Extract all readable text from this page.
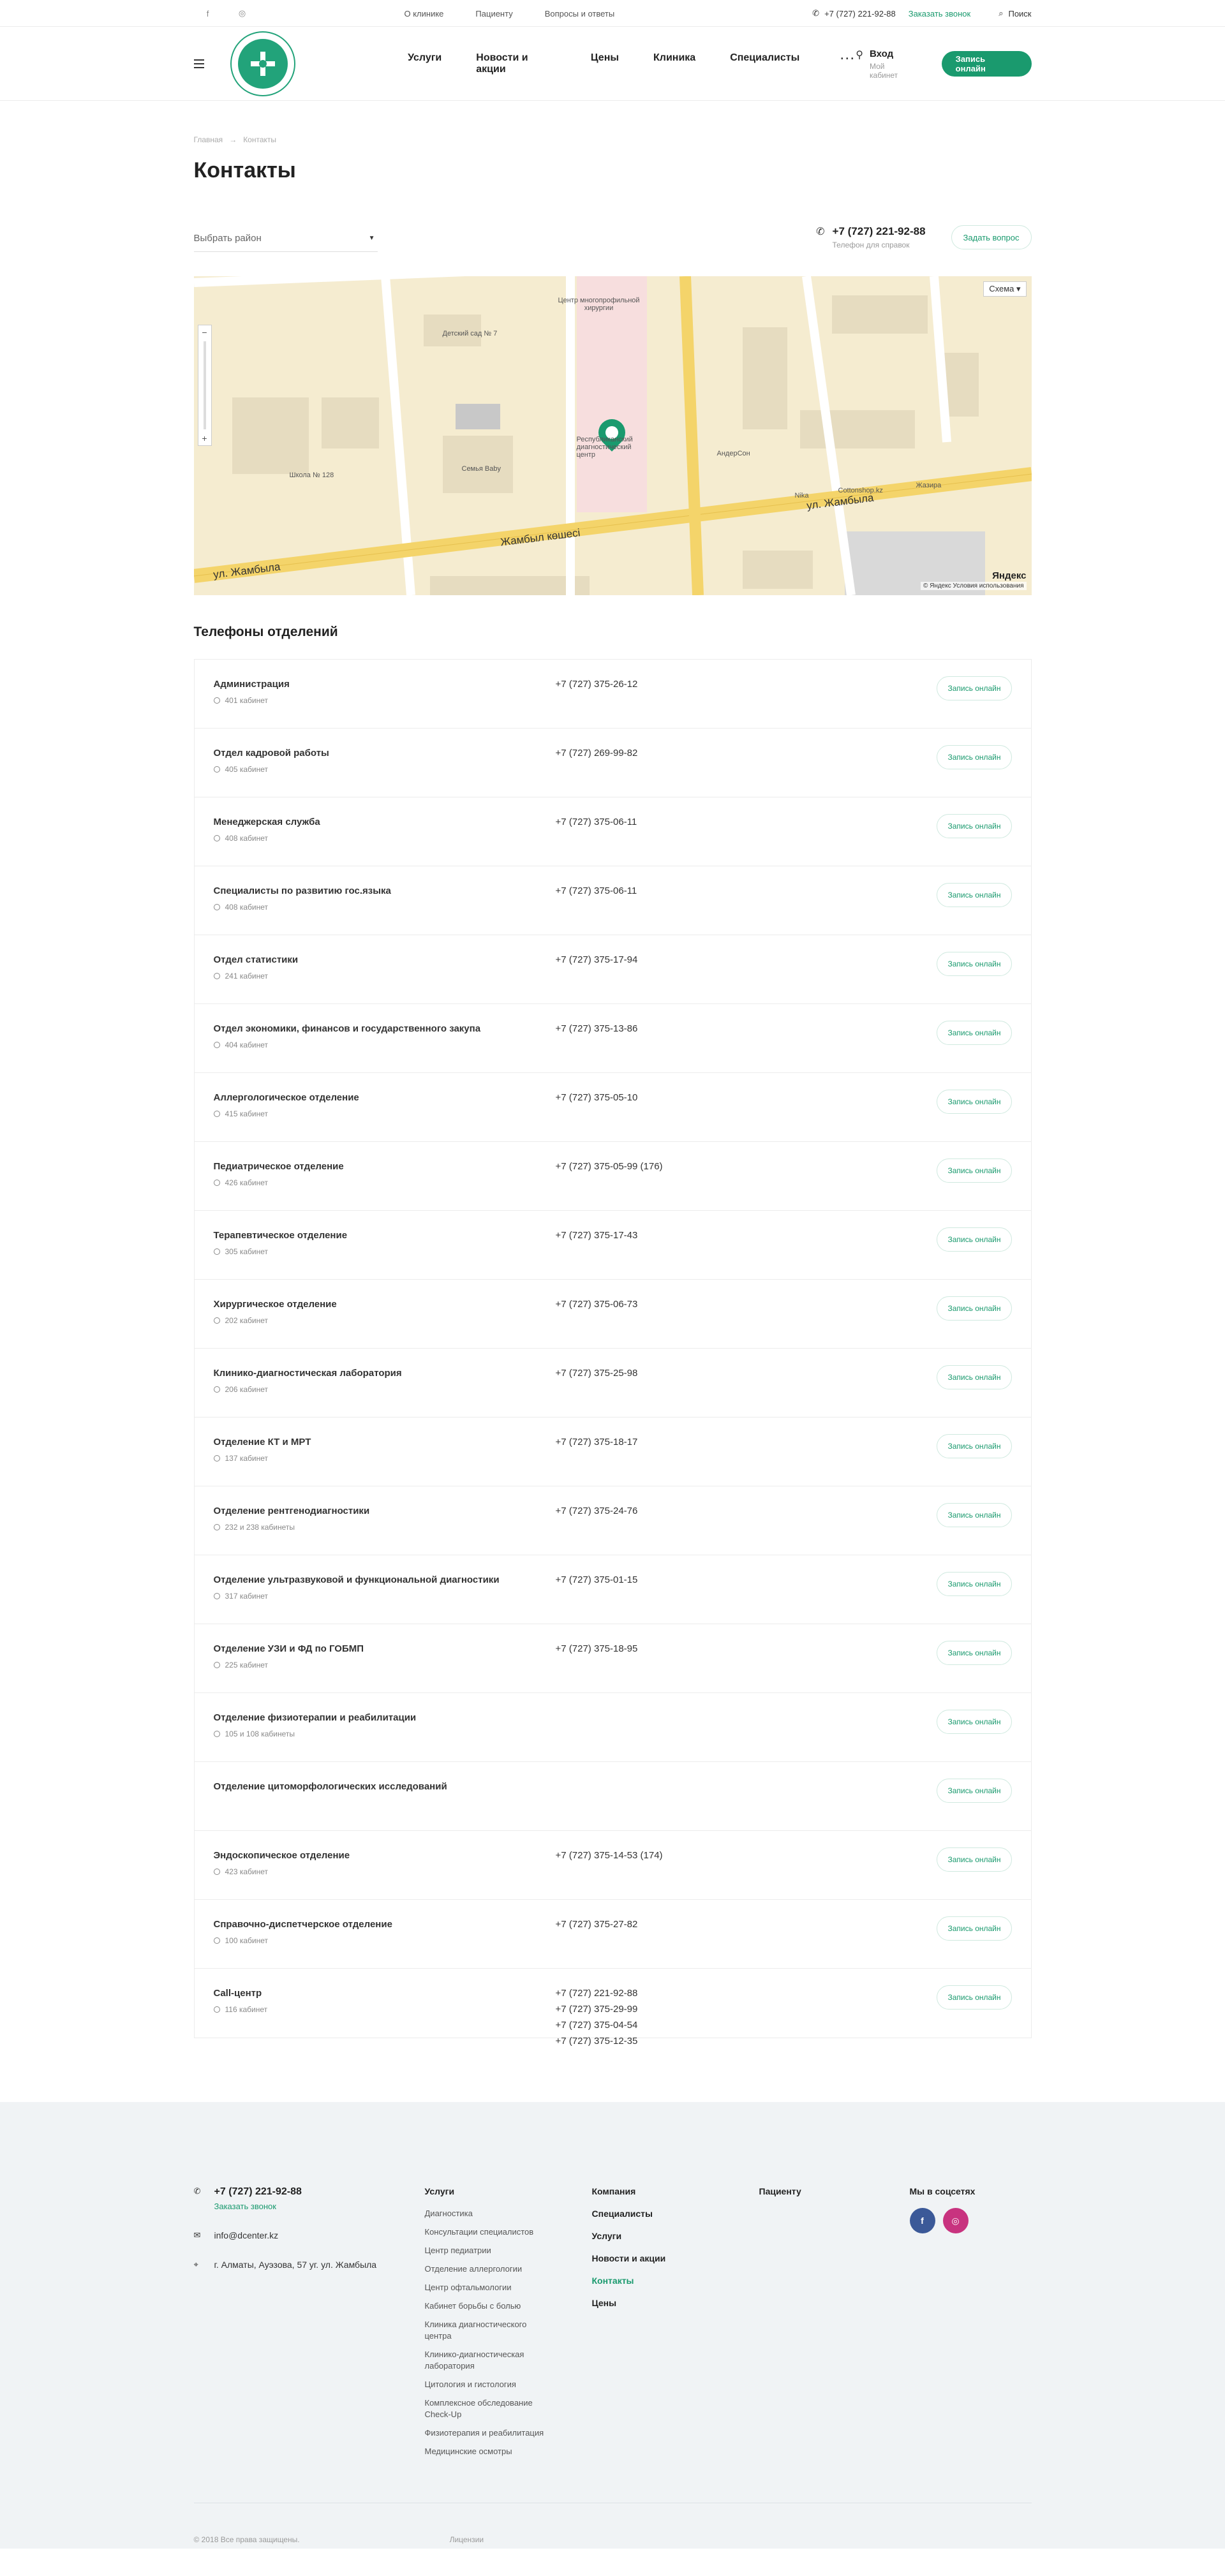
f	◎	О клинике	Пациенту	Вопросы и ответы	✆ +7 (727) 221-92-88 Заказать звонок	⌕ Поиск
Услуги	Новости и акции
Цены	Клиника	Специалисты	··· ⚲ Вход
Мой кабинет
Запись онлайн
Главная → Контакты
Контакты
Выбрать район	▼
✆ +7 (727) 221-92-88
Телефон для справок
Задать вопрос
−
+
Схема ▾
Центр многопрофильной хирургии
Детский сад № 7
Школа № 128
Семья Baby
Республиканский диагностический центр	АндерСон
Cottonshop.kz
Nika
Жазира
ул. Жамбыла
Жамбыл көшесі
ул. Жамбыла
Яндекс
© Яндекс Условия использования
Телефоны отделений
Администрация
401 кабинет
+7 (727) 375-26-12	Запись онлайн
Отдел кадровой работы
405 кабинет
+7 (727) 269-99-82	Запись онлайн
Менеджерская служба
408 кабинет
+7 (727) 375-06-11	Запись онлайн
Специалисты по развитию гос.языка
408 кабинет
+7 (727) 375-06-11	Запись онлайн
Отдел статистики
241 кабинет
+7 (727) 375-17-94	Запись онлайн
Отдел экономики, финансов и государственного закупа
404 кабинет
+7 (727) 375-13-86	Запись онлайн
Аллергологическое отделение
415 кабинет
+7 (727) 375-05-10	Запись онлайн
Педиатрическое отделение
426 кабинет
+7 (727) 375-05-99 (176)	Запись онлайн
Терапевтическое отделение
305 кабинет
+7 (727) 375-17-43	Запись онлайн
Хирургическое отделение
202 кабинет
+7 (727) 375-06-73	Запись онлайн
Клинико-диагностическая лаборатория
206 кабинет
+7 (727) 375-25-98	Запись онлайн
Отделение КТ и МРТ
137 кабинет
+7 (727) 375-18-17	Запись онлайн
Отделение рентгенодиагностики
232 и 238 кабинеты
+7 (727) 375-24-76	Запись онлайн
Отделение ультразвуковой и функциональной диагностики
317 кабинет
+7 (727) 375-01-15	Запись онлайн
Отделение УЗИ и ФД по ГОБМП
225 кабинет
+7 (727) 375-18-95	Запись онлайн
Отделение физиотерапии и реабилитации
105 и 108 кабинеты
Запись онлайн
Отделение цитоморфологических исследований	Запись онлайн
Эндоскопическое отделение
423 кабинет
+7 (727) 375-14-53 (174)	Запись онлайн
Справочно-диспетчерское отделение
100 кабинет
+7 (727) 375-27-82	Запись онлайн
Call-центр
116 кабинет
+7 (727) 221-92-88
+7 (727) 375-29-99
+7 (727) 375-04-54
+7 (727) 375-12-35
Запись онлайн
✆ +7 (727) 221-92-88
Заказать звонок
✉ info@dcenter.kz
⌖	г. Алматы, Ауэзова, 57 уг. ул. Жамбыла
Услуги
Диагностика
Консультации специалистов
Центр педиатрии
Отделение аллергологии
Центр офтальмологии
Кабинет борьбы с болью
Клиника диагностического центра
Клинико-диагностическая лаборатория
Цитология и гистология
Комплексное обследование Check-Up
Физиотерапия и реабилитация
Медицинские осмотры
Компания
Специалисты
Услуги
Новости и акции
Контакты
Цены
Пациенту	Мы в соцсетях
f	◎
© 2018 Все права защищены.	Лицензии
